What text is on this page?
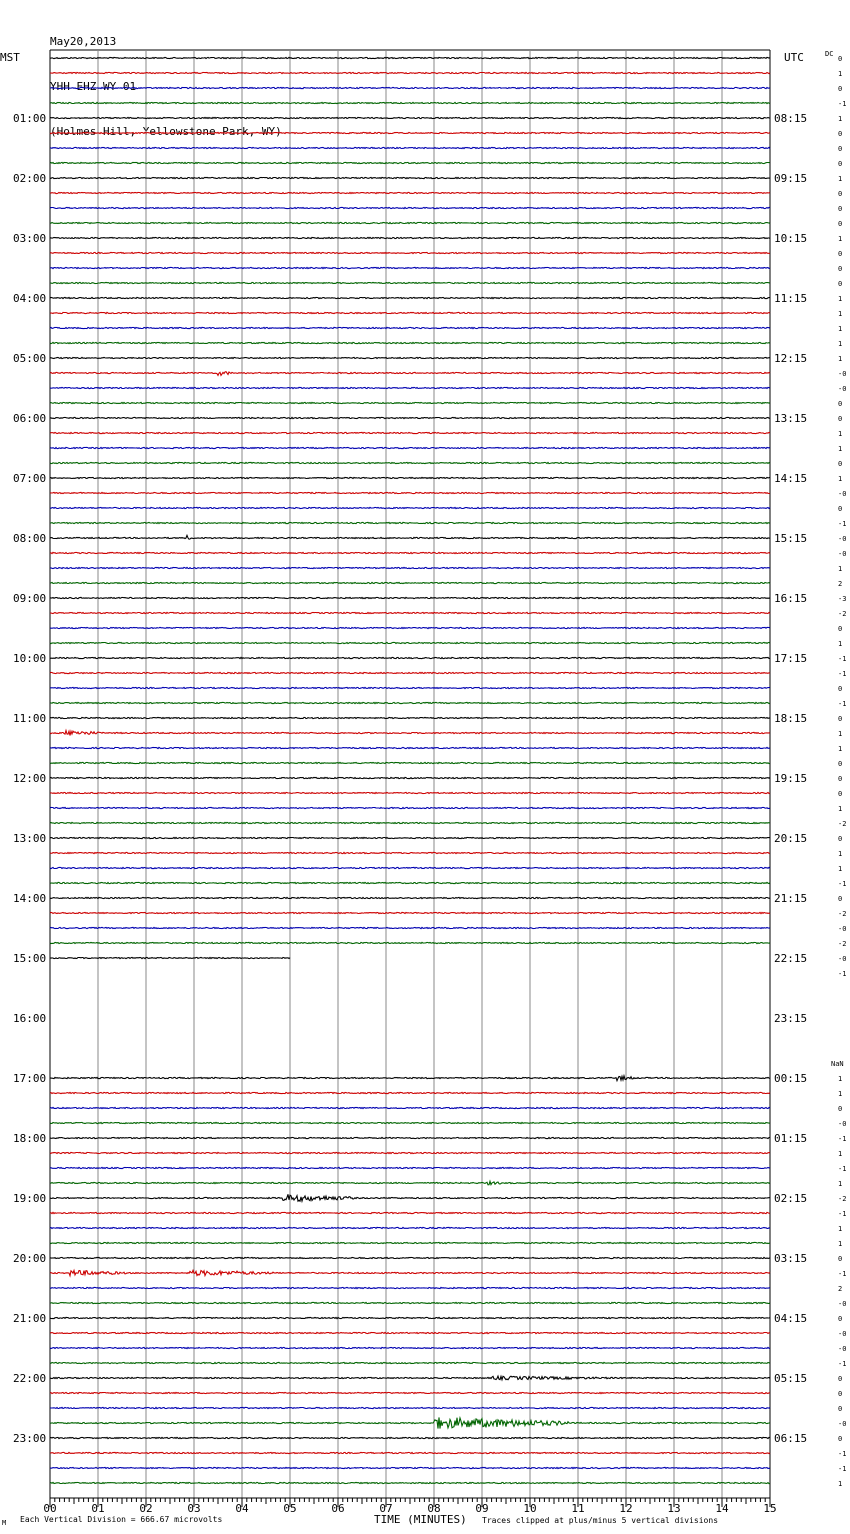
May20,2013

YHH EHZ WY 01

(Holmes Hill, Yellowstone Park, WY)

MST	UTC	DC
NaN
01:00	08:15
02:00	09:15
03:00	10:15
04:00	11:15
05:00	12:15
06:00	13:15
07:00	14:15
08:00	15:15
09:00	16:15
10:00	17:15
11:00	18:15
12:00	19:15
13:00	20:15
14:00	21:15
15:00	22:15
16:00	23:15
17:00	00:15
18:00	01:15
19:00	02:15
20:00	03:15
21:00	04:15
22:00	05:15
23:00	06:15
0
1
0
-1
1
0
0
0
1
0
0
0
1
0
0
0
1
1
1
1
1
-0
-0
0
0
1
1
0
1
-0
0
-1
-0
-0
1
2
-3
-2
0
1
-1
-1
0
-1
0
1
1
0
0
0
1
-2
0
1
1
-1
0
-2
-0
-2
-0
-1
1
1
0
-0
-1
1
-1
1
-2
-1
1
1
0
-1
2
-0
0
-0
-0
-1
0
0
0
-0
0
-1
-1
1
00	01	02	03	04	05	06	07	08	09	10	11	12	13	14	15
M Each Vertical Division = 666.67 microvolts	TIME (MINUTES) Traces clipped at plus/minus 5 vertical divisions
